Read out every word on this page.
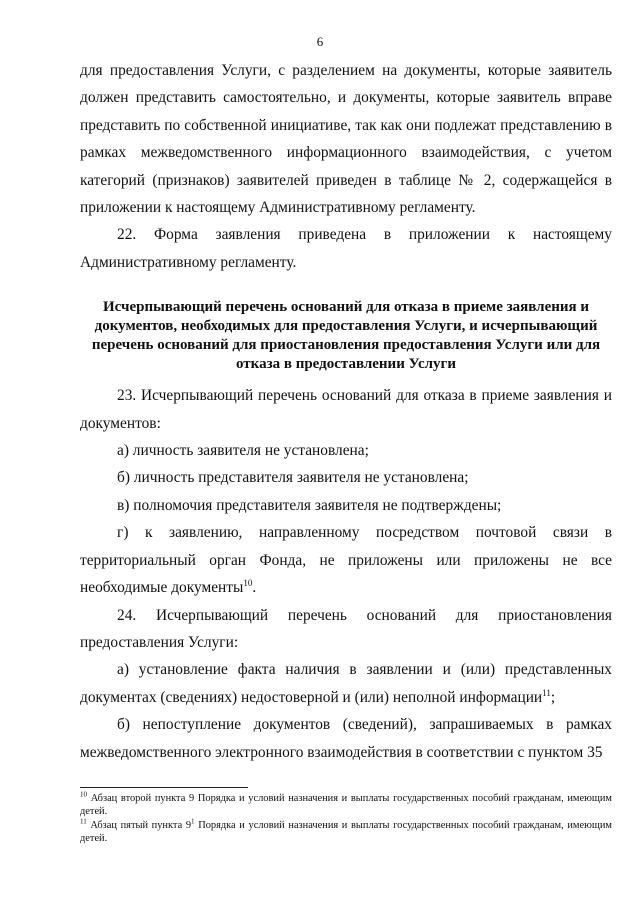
6

для предоставления Услуги, с разделением на документы, которые заявитель должен представить самостоятельно, и документы, которые заявитель вправе представить по собственной инициативе, так как они подлежат представлению в рамках межведомственного информационного взаимодействия, с учетом категорий (признаков) заявителей приведен в таблице № 2, содержащейся в приложении к настоящему Административному регламенту.

22. Форма заявления приведена в приложении к настоящему Административному регламенту.

Исчерпывающий перечень оснований для отказа в приеме заявления и документов, необходимых для предоставления Услуги, и исчерпывающий перечень оснований для приостановления предоставления Услуги или для отказа в предоставлении Услуги

23. Исчерпывающий перечень оснований для отказа в приеме заявления и документов:

а) личность заявителя не установлена;

б) личность представителя заявителя не установлена;

в) полномочия представителя заявителя не подтверждены;

г) к заявлению, направленному посредством почтовой связи в территориальный орган Фонда, не приложены или приложены не все необходимые документы$^{10}$.

24. Исчерпывающий перечень оснований для приостановления предоставления Услуги:

а) установление факта наличия в заявлении и (или) представленных документах (сведениях) недостоверной и (или) неполной информации$^{11}$;

б) непоступление документов (сведений), запрашиваемых в рамках межведомственного электронного взаимодействия в соответствии с пунктом 35

$^{10}$ Абзац второй пункта 9 Порядка и условий назначения и выплаты государственных пособий гражданам, имеющим детей.

$^{11}$ Абзац пятый пункта $9^1$ Порядка и условий назначения и выплаты государственных пособий гражданам, имеющим детей.
